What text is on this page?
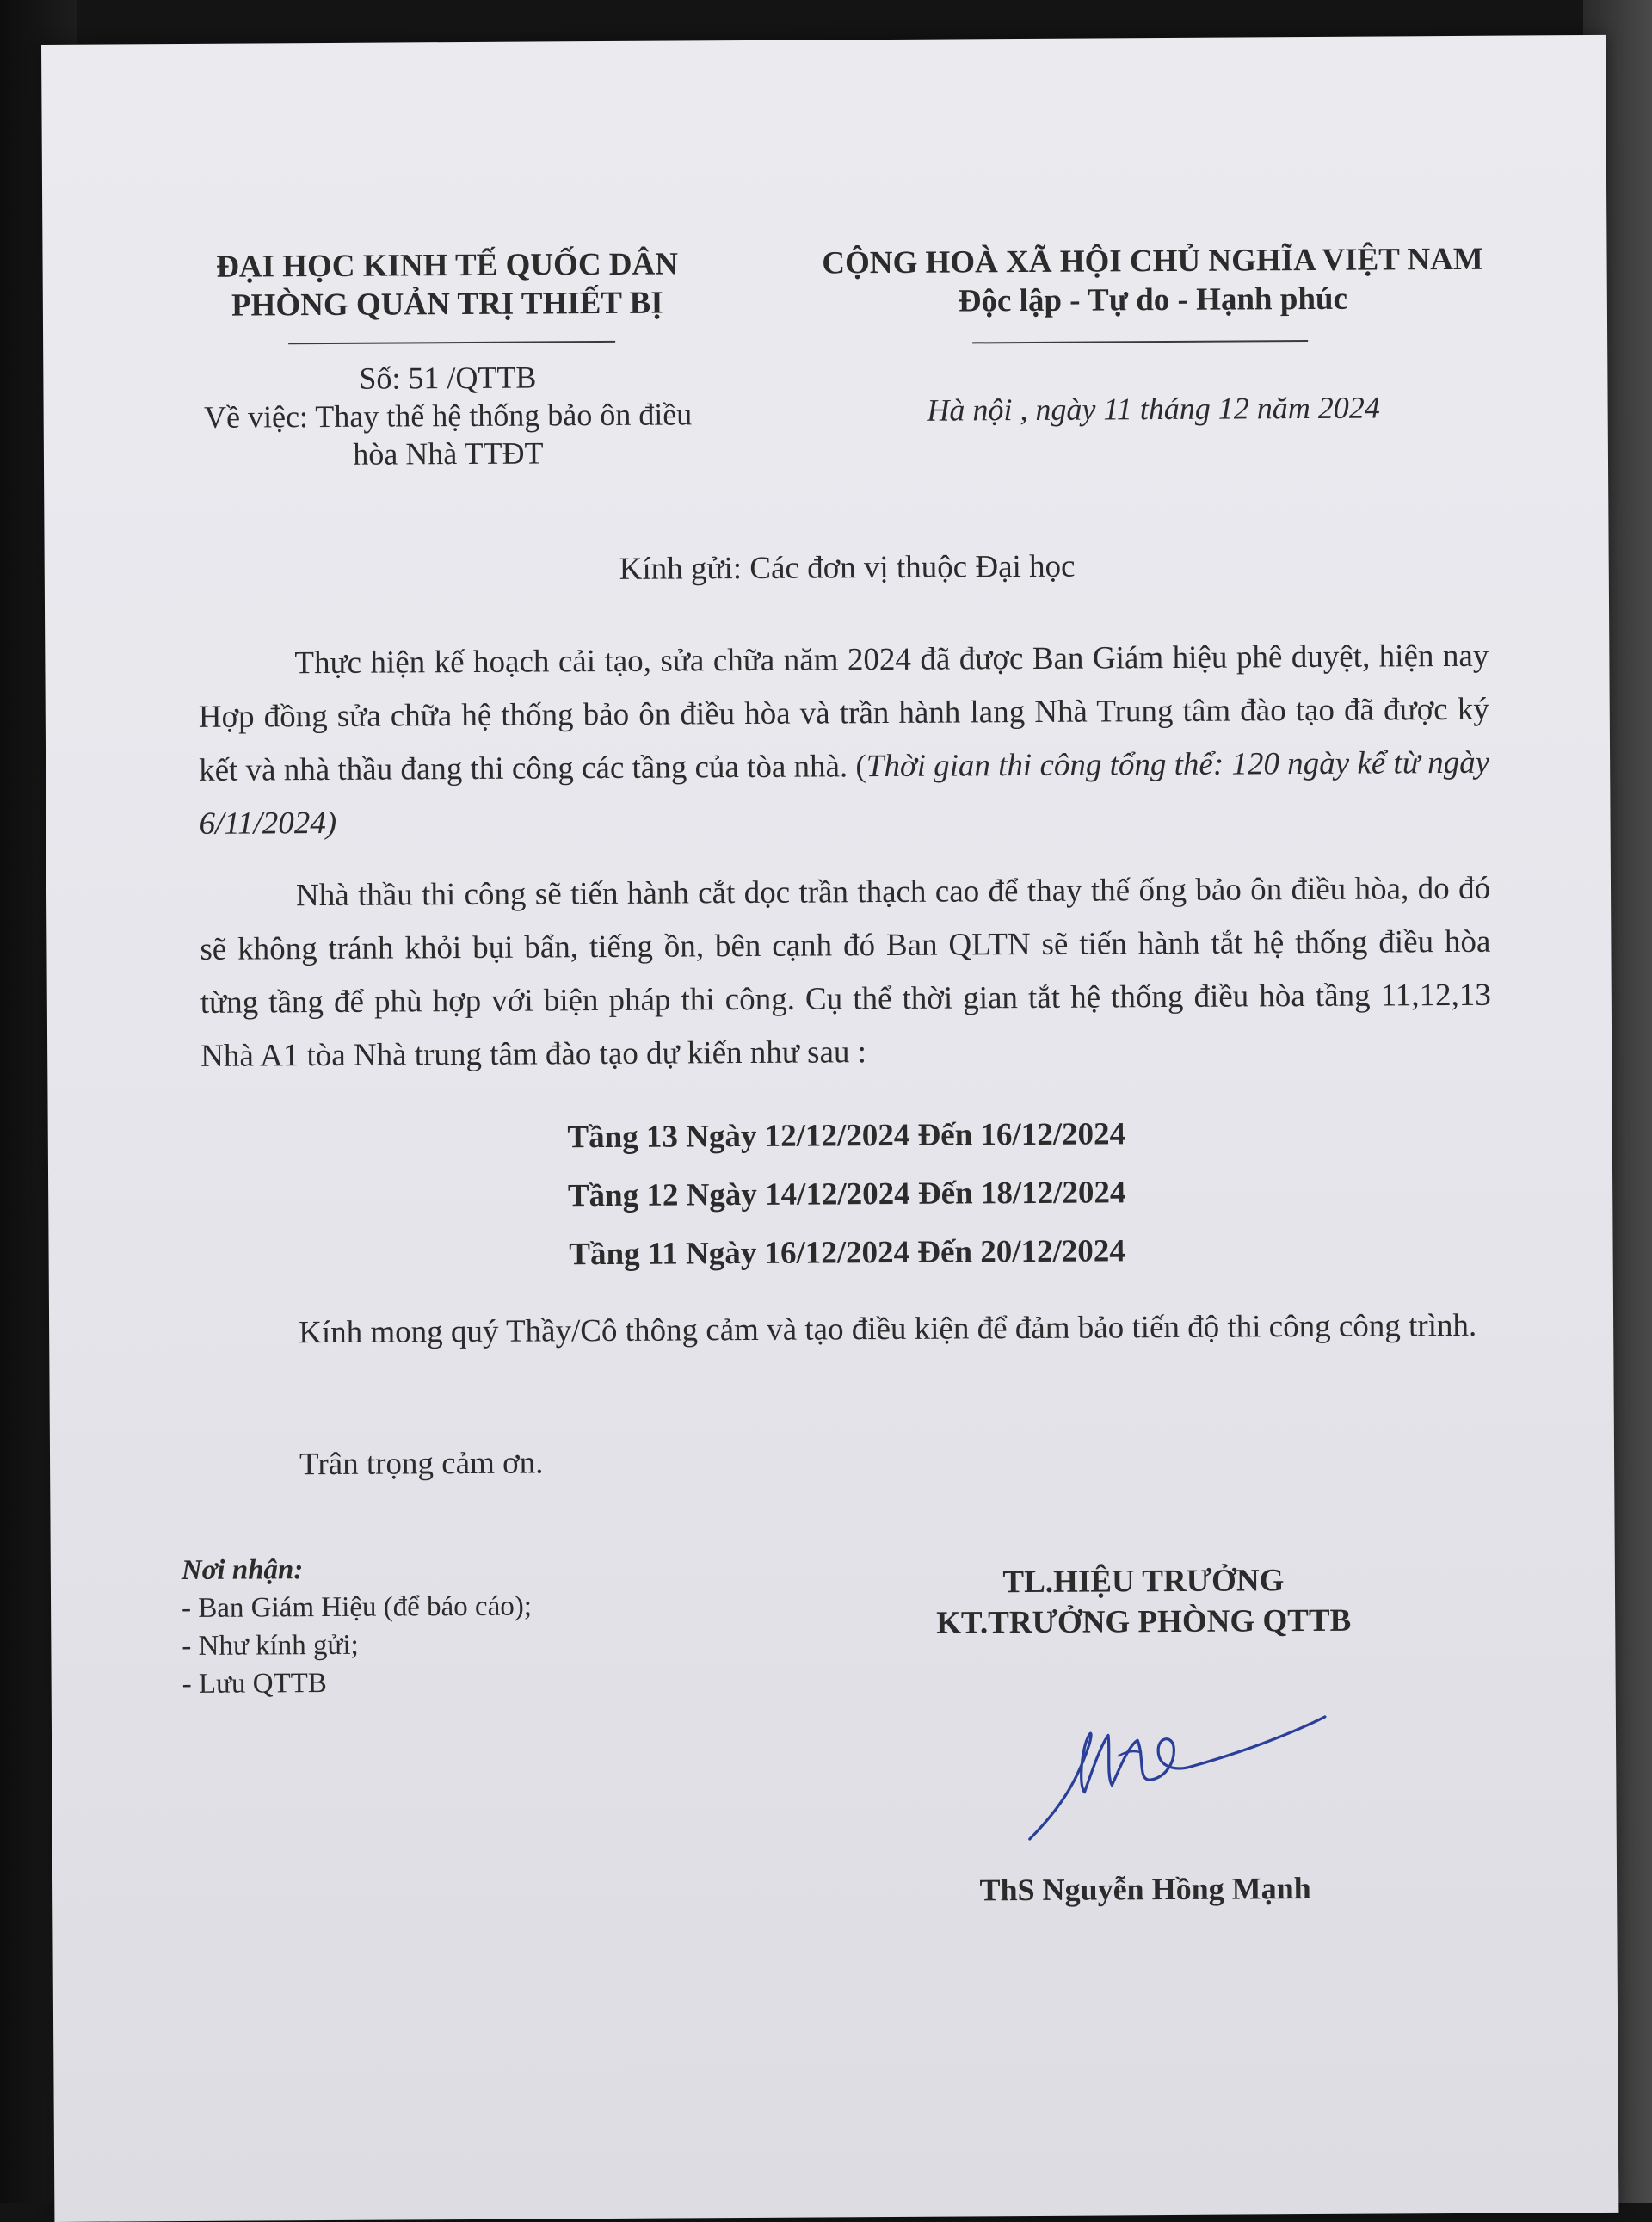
ĐẠI HỌC KINH TẾ QUỐC DÂN
PHÒNG QUẢN TRỊ THIẾT BỊ
Số: 51 /QTTB
Về việc: Thay thế hệ thống bảo ôn điều
hòa Nhà TTĐT
CỘNG HOÀ XÃ HỘI CHỦ NGHĨA VIỆT NAM
Độc lập - Tự do - Hạnh phúc
Hà nội , ngày 11 tháng 12 năm 2024
Kính gửi: Các đơn vị thuộc Đại học

Thực hiện kế hoạch cải tạo, sửa chữa năm 2024 đã được Ban Giám hiệu phê duyệt, hiện nay Hợp đồng sửa chữa hệ thống bảo ôn điều hòa và trần hành lang Nhà Trung tâm đào tạo đã được ký kết và nhà thầu đang thi công các tầng của tòa nhà. (Thời gian thi công tổng thể: 120 ngày kể từ ngày 6/11/2024)

Nhà thầu thi công sẽ tiến hành cắt dọc trần thạch cao để thay thế ống bảo ôn điều hòa, do đó sẽ không tránh khỏi bụi bẩn, tiếng ồn, bên cạnh đó Ban QLTN sẽ tiến hành tắt hệ thống điều hòa từng tầng để phù hợp với biện pháp thi công. Cụ thể thời gian tắt hệ thống điều hòa tầng 11,12,13 Nhà A1 tòa Nhà trung tâm đào tạo dự kiến như sau :

Tầng 13 Ngày 12/12/2024 Đến 16/12/2024
Tầng 12 Ngày 14/12/2024 Đến 18/12/2024
Tầng 11 Ngày 16/12/2024 Đến 20/12/2024

Kính mong quý Thầy/Cô thông cảm và tạo điều kiện để đảm bảo tiến độ thi công công trình.

Trân trọng cảm ơn.
Nơi nhận:
- Ban Giám Hiệu (để báo cáo);
- Như kính gửi;
- Lưu QTTB
TL.HIỆU TRƯỞNG
KT.TRƯỞNG PHÒNG QTTB
ThS Nguyễn Hồng Mạnh
